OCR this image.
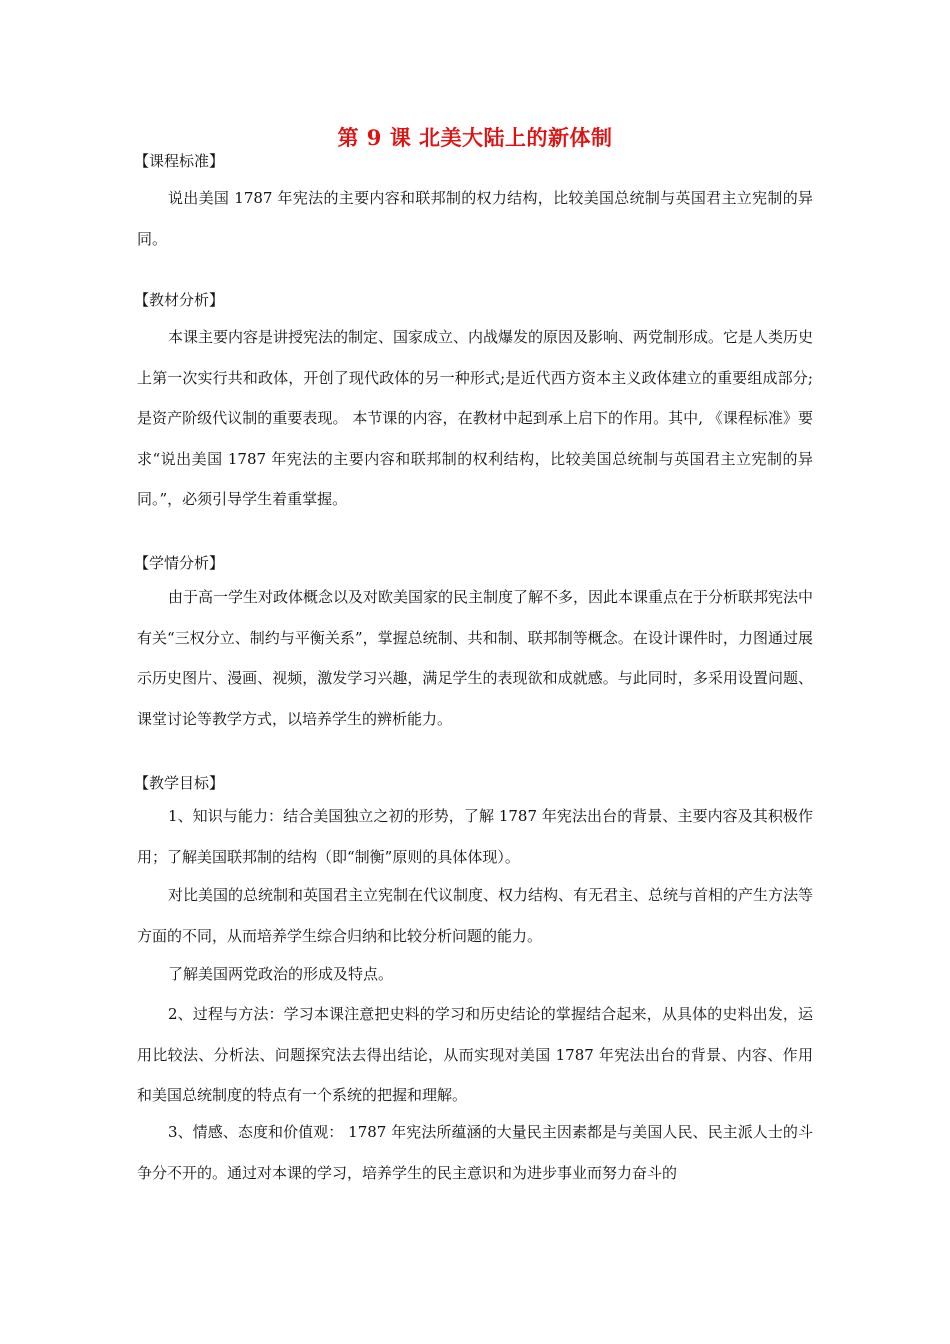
第 9 课 北美大陆上的新体制
【课程标准】

说出美国 1787 年宪法的主要内容和联邦制的权力结构，比较美国总统制与英国君主立宪制的异同。

【教材分析】

本课主要内容是讲授宪法的制定、国家成立、内战爆发的原因及影响、两党制形成。它是人类历史上第一次实行共和政体，开创了现代政体的另一种形式;是近代西方资本主义政体建立的重要组成部分;是资产阶级代议制的重要表现。 本节课的内容，在教材中起到承上启下的作用。其中, 《课程标准》要求“说出美国 1787 年宪法的主要内容和联邦制的权利结构，比较美国总统制与英国君主立宪制的异同。”，必须引导学生着重掌握。

【学情分析】

由于高一学生对政体概念以及对欧美国家的民主制度了解不多，因此本课重点在于分析联邦宪法中有关“三权分立、制约与平衡关系”，掌握总统制、共和制、联邦制等概念。在设计课件时，力图通过展示历史图片、漫画、视频，激发学习兴趣，满足学生的表现欲和成就感。与此同时，多采用设置问题、课堂讨论等教学方式，以培养学生的辨析能力。

【教学目标】

1、知识与能力：结合美国独立之初的形势，了解 1787 年宪法出台的背景、主要内容及其积极作用；了解美国联邦制的结构（即“制衡”原则的具体体现）。

对比美国的总统制和英国君主立宪制在代议制度、权力结构、有无君主、总统与首相的产生方法等方面的不同，从而培养学生综合归纳和比较分析问题的能力。

了解美国两党政治的形成及特点。

2、过程与方法：学习本课注意把史料的学习和历史结论的掌握结合起来，从具体的史料出发，运用比较法、分析法、问题探究法去得出结论，从而实现对美国 1787 年宪法出台的背景、内容、作用和美国总统制度的特点有一个系统的把握和理解。

3、情感、态度和价值观： 1787 年宪法所蕴涵的大量民主因素都是与美国人民、民主派人士的斗争分不开的。通过对本课的学习，培养学生的民主意识和为进步事业而努力奋斗的
